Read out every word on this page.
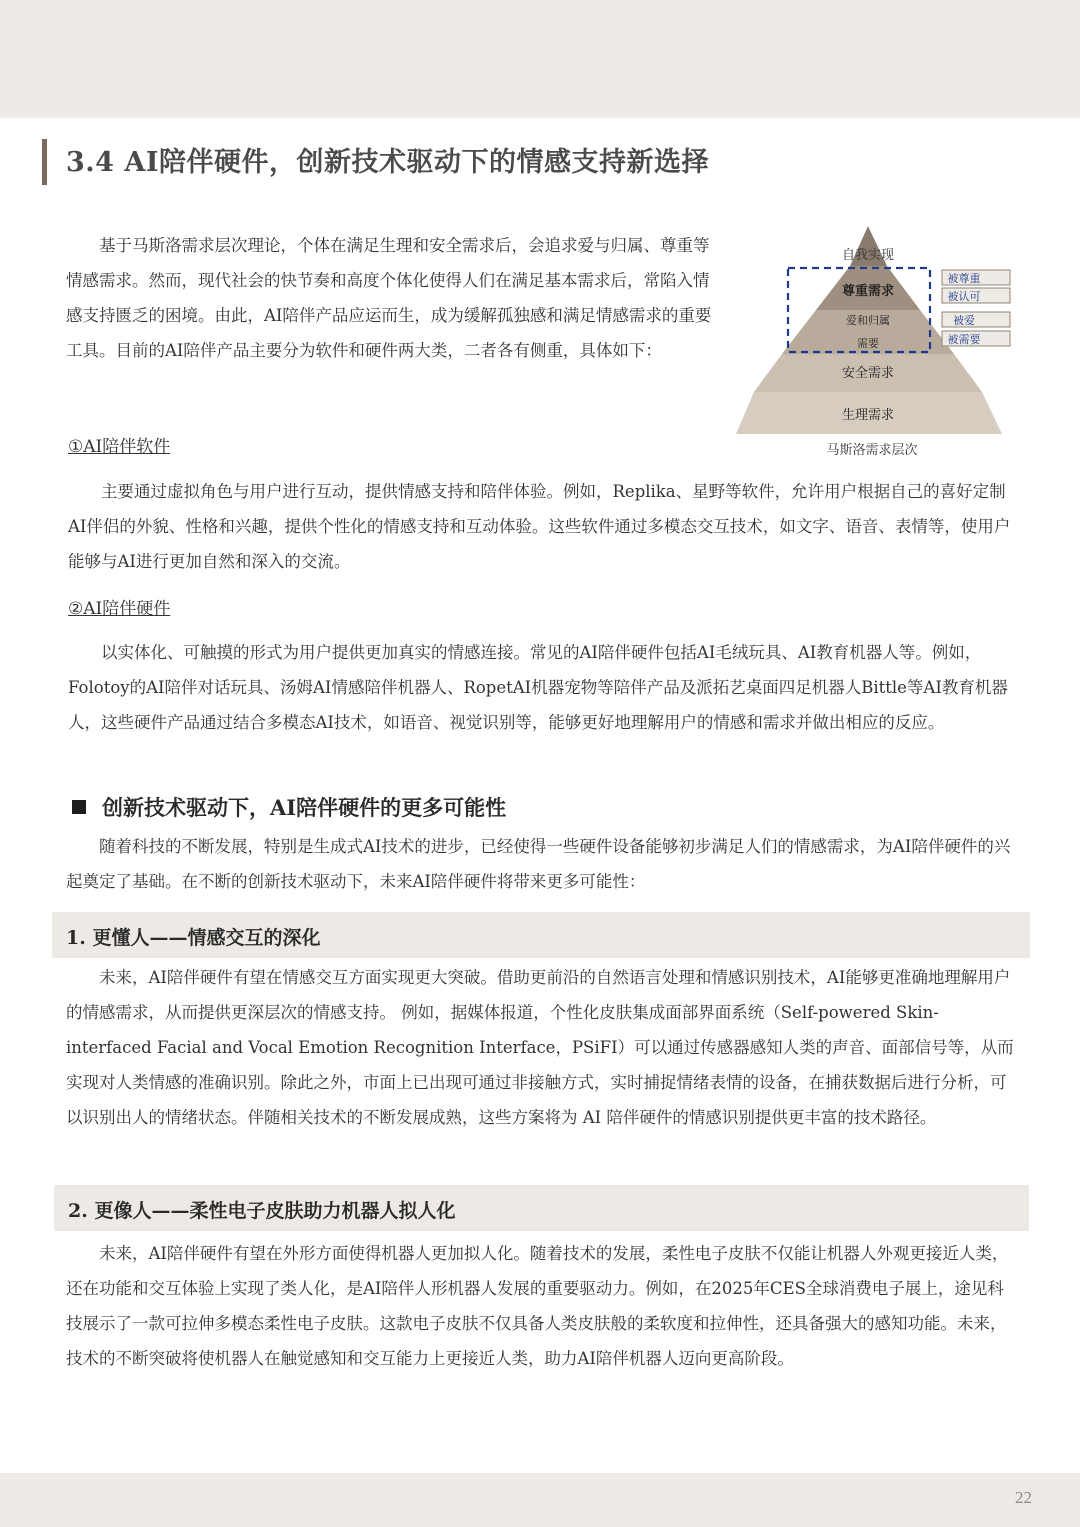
3.4 AI陪伴硬件，创新技术驱动下的情感支持新选择
基于马斯洛需求层次理论，个体在满足生理和安全需求后，会追求爱与归属、尊重等情感需求。然而，现代社会的快节奏和高度个体化使得人们在满足基本需求后，常陷入情感支持匮乏的困境。由此，AI陪伴产品应运而生，成为缓解孤独感和满足情感需求的重要工具。目前的AI陪伴产品主要分为软件和硬件两大类，二者各有侧重，具体如下：
自我实现
尊重需求
爱和归属
需要
安全需求
生理需求
被尊重
被认可
被爱
被需要
马斯洛需求层次
①AI陪伴软件
主要通过虚拟角色与用户进行互动，提供情感支持和陪伴体验。例如，Replika、星野等软件，允许用户根据自己的喜好定制AI伴侣的外貌、性格和兴趣，提供个性化的情感支持和互动体验。这些软件通过多模态交互技术，如文字、语音、表情等，使用户能够与AI进行更加自然和深入的交流。
②AI陪伴硬件
以实体化、可触摸的形式为用户提供更加真实的情感连接。常见的AI陪伴硬件包括AI毛绒玩具、AI教育机器人等。例如，Folotoy的AI陪伴对话玩具、汤姆AI情感陪伴机器人、RopetAI机器宠物等陪伴产品及派拓艺桌面四足机器人Bittle等AI教育机器人，这些硬件产品通过结合多模态AI技术，如语音、视觉识别等，能够更好地理解用户的情感和需求并做出相应的反应。
创新技术驱动下，AI陪伴硬件的更多可能性
随着科技的不断发展，特别是生成式AI技术的进步，已经使得一些硬件设备能够初步满足人们的情感需求，为AI陪伴硬件的兴起奠定了基础。在不断的创新技术驱动下，未来AI陪伴硬件将带来更多可能性：
1. 更懂人——情感交互的深化
未来，AI陪伴硬件有望在情感交互方面实现更大突破。借助更前沿的自然语言处理和情感识别技术，AI能够更准确地理解用户的情感需求，从而提供更深层次的情感支持。 例如，据媒体报道，个性化皮肤集成面部界面系统（Self-powered Skin-interfaced Facial and Vocal Emotion Recognition Interface，PSiFI）可以通过传感器感知人类的声音、面部信号等，从而实现对人类情感的准确识别。除此之外，市面上已出现可通过非接触方式，实时捕捉情绪表情的设备，在捕获数据后进行分析，可以识别出人的情绪状态。伴随相关技术的不断发展成熟，这些方案将为 AI 陪伴硬件的情感识别提供更丰富的技术路径。
2. 更像人——柔性电子皮肤助力机器人拟人化
未来，AI陪伴硬件有望在外形方面使得机器人更加拟人化。随着技术的发展，柔性电子皮肤不仅能让机器人外观更接近人类，还在功能和交互体验上实现了类人化，是AI陪伴人形机器人发展的重要驱动力。例如，在2025年CES全球消费电子展上，途见科技展示了一款可拉伸多模态柔性电子皮肤。这款电子皮肤不仅具备人类皮肤般的柔软度和拉伸性，还具备强大的感知功能。未来，技术的不断突破将使机器人在触觉感知和交互能力上更接近人类，助力AI陪伴机器人迈向更高阶段。
22
